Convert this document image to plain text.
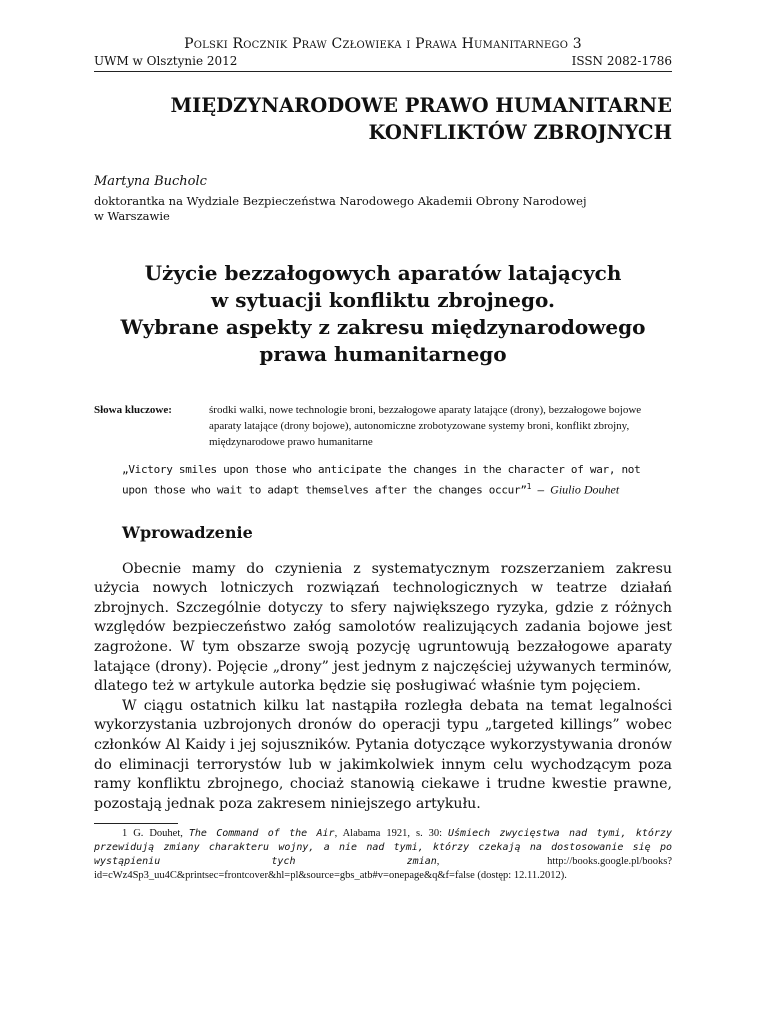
Polski Rocznik Praw Człowieka i Prawa Humanitarnego 3
UWM w Olsztynie 2012	ISSN 2082-1786
MIĘDZYNARODOWE PRAWO HUMANITARNE
KONFLIKTÓW ZBROJNYCH
Martyna Bucholc
doktorantka na Wydziale Bezpieczeństwa Narodowego Akademii Obrony Narodowej
w Warszawie
Użycie bezzałogowych aparatów latających
w sytuacji konfliktu zbrojnego.
Wybrane aspekty z zakresu międzynarodowego
prawa humanitarnego
Słowa kluczowe:	środki walki, nowe technologie broni, bezzałogowe aparaty latające (drony), bezzałogowe bojowe aparaty latające (drony bojowe), autonomiczne zrobotyzowane systemy broni, konflikt zbrojny, międzynarodowe prawo humanitarne
„Victory smiles upon those who anticipate the changes in the character of war, not upon those who wait to adapt themselves after the changes occur”$^1$ – Giulio Douhet
Wprowadzenie

Obecnie mamy do czynienia z systematycznym rozszerzaniem zakresu użycia nowych lotniczych rozwiązań technologicznych w teatrze działań zbrojnych. Szczególnie dotyczy to sfery największego ryzyka, gdzie z różnych względów bezpieczeństwo załóg samolotów realizujących zadania bojowe jest zagrożone. W tym obszarze swoją pozycję ugruntowują bezzałogowe aparaty latające (drony). Pojęcie „drony” jest jednym z najczęściej używanych terminów, dlatego też w artykule autorka będzie się posługiwać właśnie tym pojęciem.

W ciągu ostatnich kilku lat nastąpiła rozległa debata na temat legalności wykorzystania uzbrojonych dronów do operacji typu „targeted killings” wobec członków Al Kaidy i jej sojuszników. Pytania dotyczące wykorzystywania dronów do eliminacji terrorystów lub w jakimkolwiek innym celu wychodzącym poza ramy konfliktu zbrojnego, chociaż stanowią ciekawe i trudne kwestie prawne, pozostają jednak poza zakresem niniejszego artykułu.

1 G. Douhet, The Command of the Air, Alabama 1921, s. 30: Uśmiech zwycięstwa nad tymi, którzy przewidują zmiany charakteru wojny, a nie nad tymi, którzy czekają na dostosowanie się po wystąpieniu tych zmian, http://books.google.pl/books?id=cWz4Sp3_uu4C&printsec=frontcover&hl=pl&source=gbs_atb#v=onepage&q&f=false (dostęp: 12.11.2012).
